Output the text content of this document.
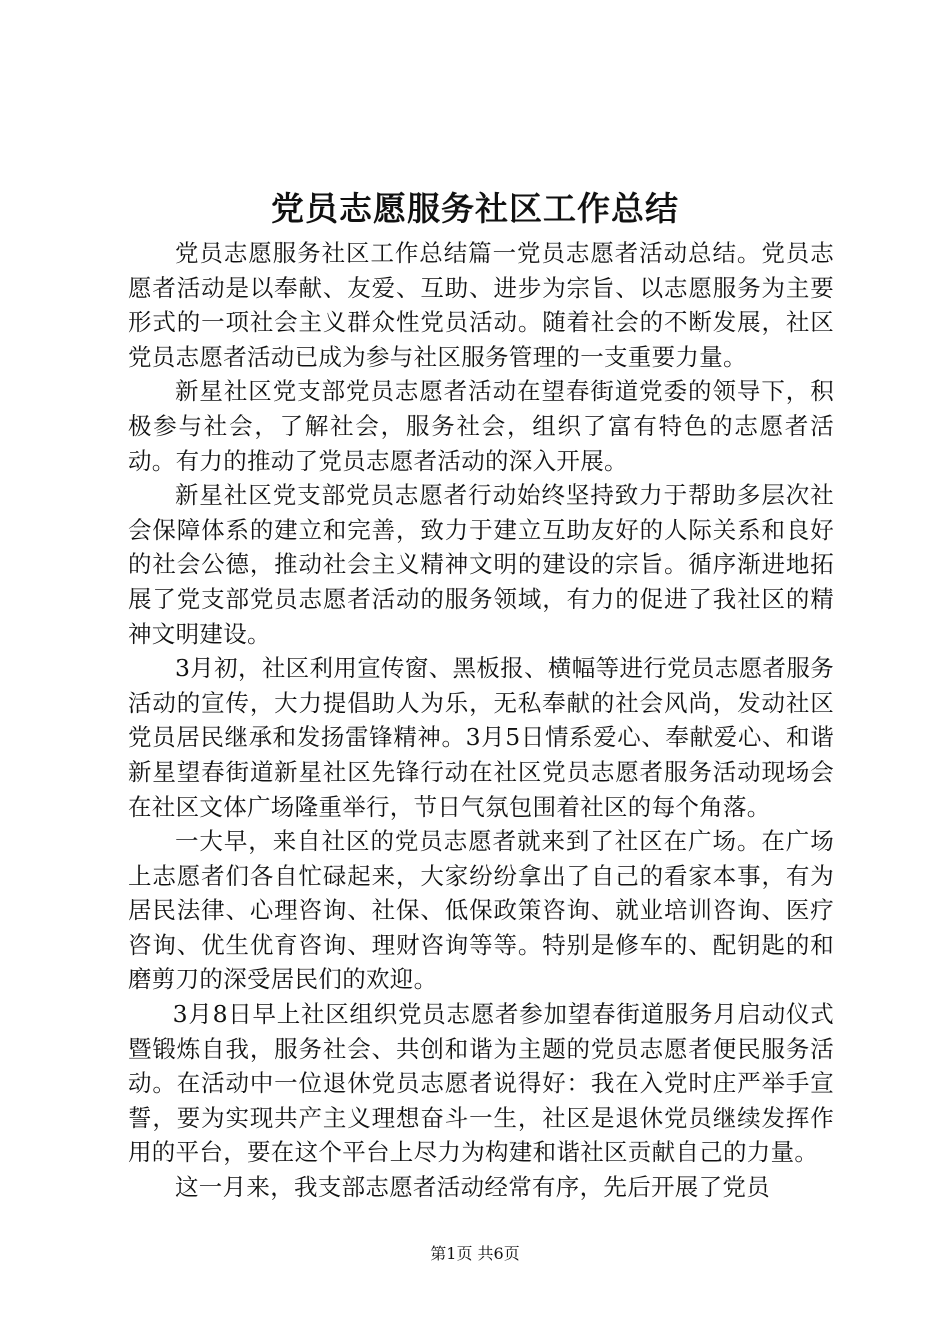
党员志愿服务社区工作总结

党员志愿服务社区工作总结篇一党员志愿者活动总结。党员志愿者活动是以奉献、友爱、互助、进步为宗旨、以志愿服务为主要形式的一项社会主义群众性党员活动。随着社会的不断发展，社区党员志愿者活动已成为参与社区服务管理的一支重要力量。

新星社区党支部党员志愿者活动在望春街道党委的领导下，积极参与社会，了解社会，服务社会，组织了富有特色的志愿者活动。有力的推动了党员志愿者活动的深入开展。

新星社区党支部党员志愿者行动始终坚持致力于帮助多层次社会保障体系的建立和完善，致力于建立互助友好的人际关系和良好的社会公德，推动社会主义精神文明的建设的宗旨。循序渐进地拓展了党支部党员志愿者活动的服务领域，有力的促进了我社区的精神文明建设。

3月初，社区利用宣传窗、黑板报、横幅等进行党员志愿者服务活动的宣传，大力提倡助人为乐，无私奉献的社会风尚，发动社区党员居民继承和发扬雷锋精神。3月5日情系爱心、奉献爱心、和谐新星望春街道新星社区先锋行动在社区党员志愿者服务活动现场会在社区文体广场隆重举行，节日气氛包围着社区的每个角落。

一大早，来自社区的党员志愿者就来到了社区在广场。在广场上志愿者们各自忙碌起来，大家纷纷拿出了自己的看家本事，有为居民法律、心理咨询、社保、低保政策咨询、就业培训咨询、医疗咨询、优生优育咨询、理财咨询等等。特别是修车的、配钥匙的和磨剪刀的深受居民们的欢迎。

3月8日早上社区组织党员志愿者参加望春街道服务月启动仪式暨锻炼自我，服务社会、共创和谐为主题的党员志愿者便民服务活动。在活动中一位退休党员志愿者说得好：我在入党时庄严举手宣誓，要为实现共产主义理想奋斗一生，社区是退休党员继续发挥作用的平台，要在这个平台上尽力为构建和谐社区贡献自己的力量。

这一月来，我支部志愿者活动经常有序，先后开展了党员

第1页 共6页
